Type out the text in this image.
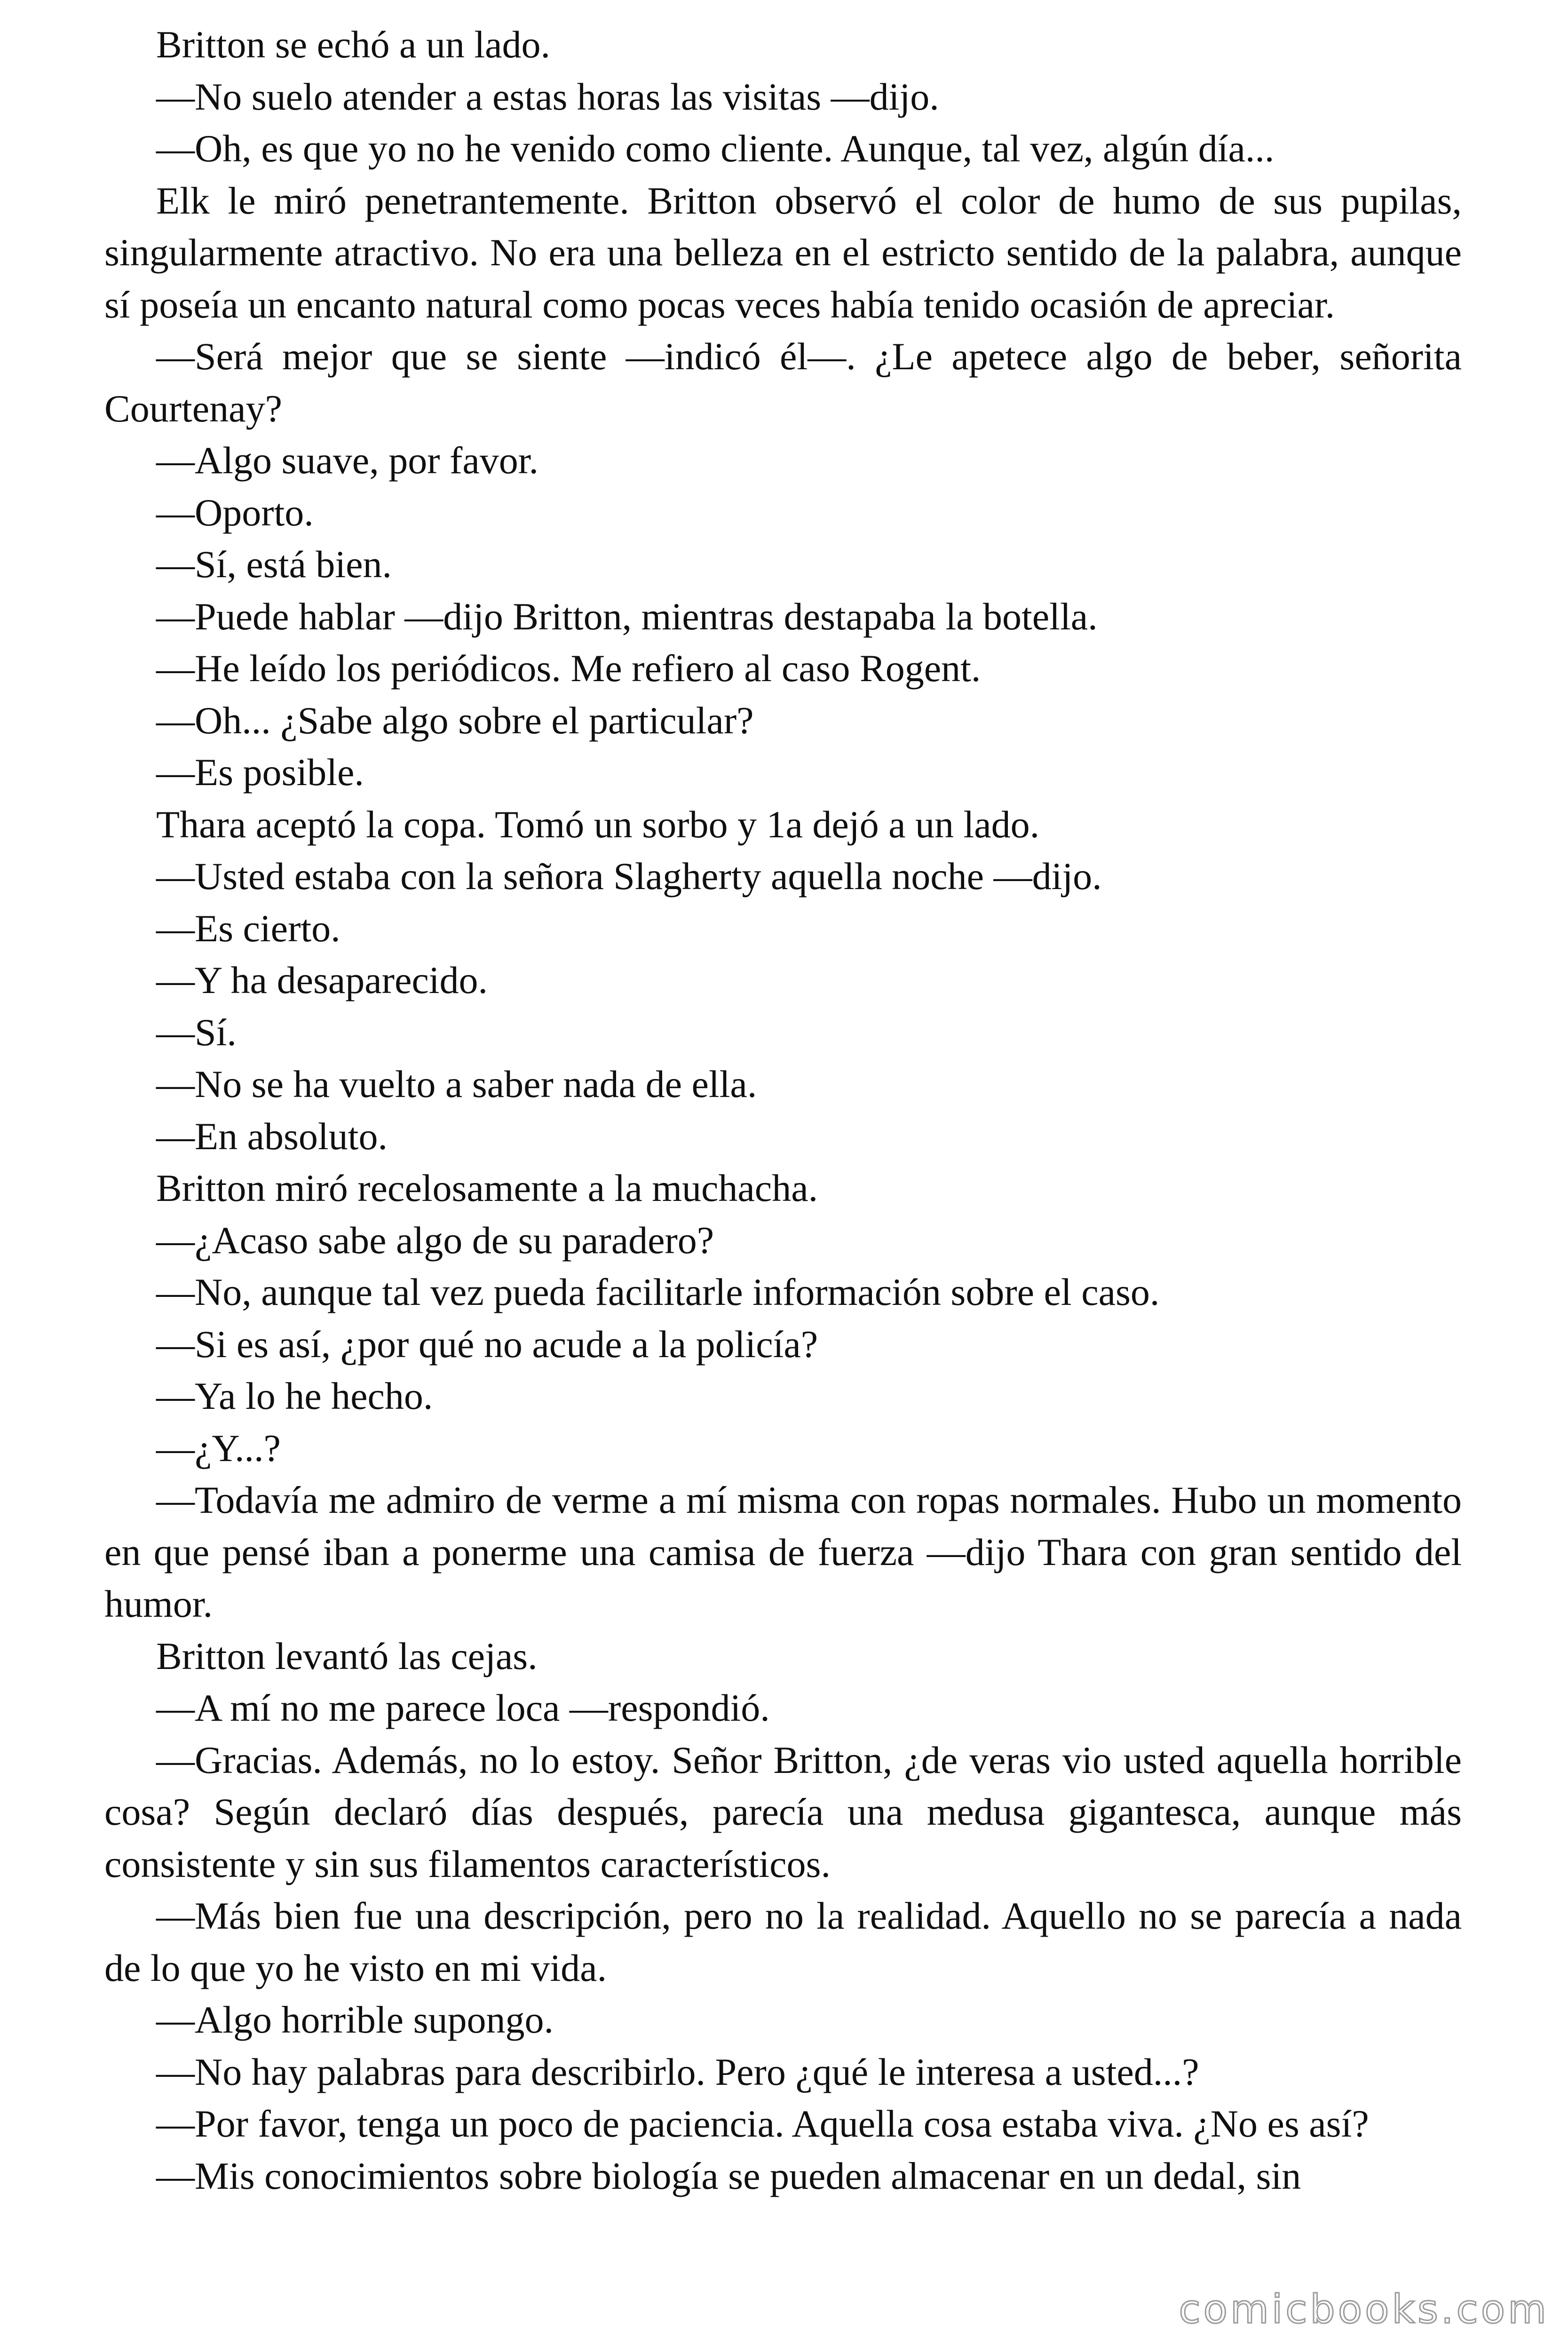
Britton se echó a un lado.

—No suelo atender a estas horas las visitas —dijo.

—Oh, es que yo no he venido como cliente. Aunque, tal vez, algún día...

Elk le miró penetrantemente. Britton observó el color de humo de sus pupilas, singularmente atractivo. No era una belleza en el estricto sentido de la palabra, aunque sí poseía un encanto natural como pocas veces había tenido ocasión de apreciar.

—Será mejor que se siente —indicó él—. ¿Le apetece algo de beber, señorita Courtenay?

—Algo suave, por favor.

—Oporto.

—Sí, está bien.

—Puede hablar —dijo Britton, mientras destapaba la botella.

—He leído los periódicos. Me refiero al caso Rogent.

—Oh... ¿Sabe algo sobre el particular?

—Es posible.

Thara aceptó la copa. Tomó un sorbo y 1a dejó a un lado.

—Usted estaba con la señora Slagherty aquella noche —dijo.

—Es cierto.

—Y ha desaparecido.

—Sí.

—No se ha vuelto a saber nada de ella.

—En absoluto.

Britton miró recelosamente a la muchacha.

—¿Acaso sabe algo de su paradero?

—No, aunque tal vez pueda facilitarle información sobre el caso.

—Si es así, ¿por qué no acude a la policía?

—Ya lo he hecho.

—¿Y...?

—Todavía me admiro de verme a mí misma con ropas normales. Hubo un momento en que pensé iban a ponerme una camisa de fuerza —dijo Thara con gran sentido del humor.

Britton levantó las cejas.

—A mí no me parece loca —respondió.

—Gracias. Además, no lo estoy. Señor Britton, ¿de veras vio usted aquella horrible cosa? Según declaró días después, parecía una medusa gigantesca, aunque más consistente y sin sus filamentos característicos.

—Más bien fue una descripción, pero no la realidad. Aquello no se parecía a nada de lo que yo he visto en mi vida.

—Algo horrible supongo.

—No hay palabras para describirlo. Pero ¿qué le interesa a usted...?

—Por favor, tenga un poco de paciencia. Aquella cosa estaba viva. ¿No es así?

—Mis conocimientos sobre biología se pueden almacenar en un dedal, sin

comicbooks.com
